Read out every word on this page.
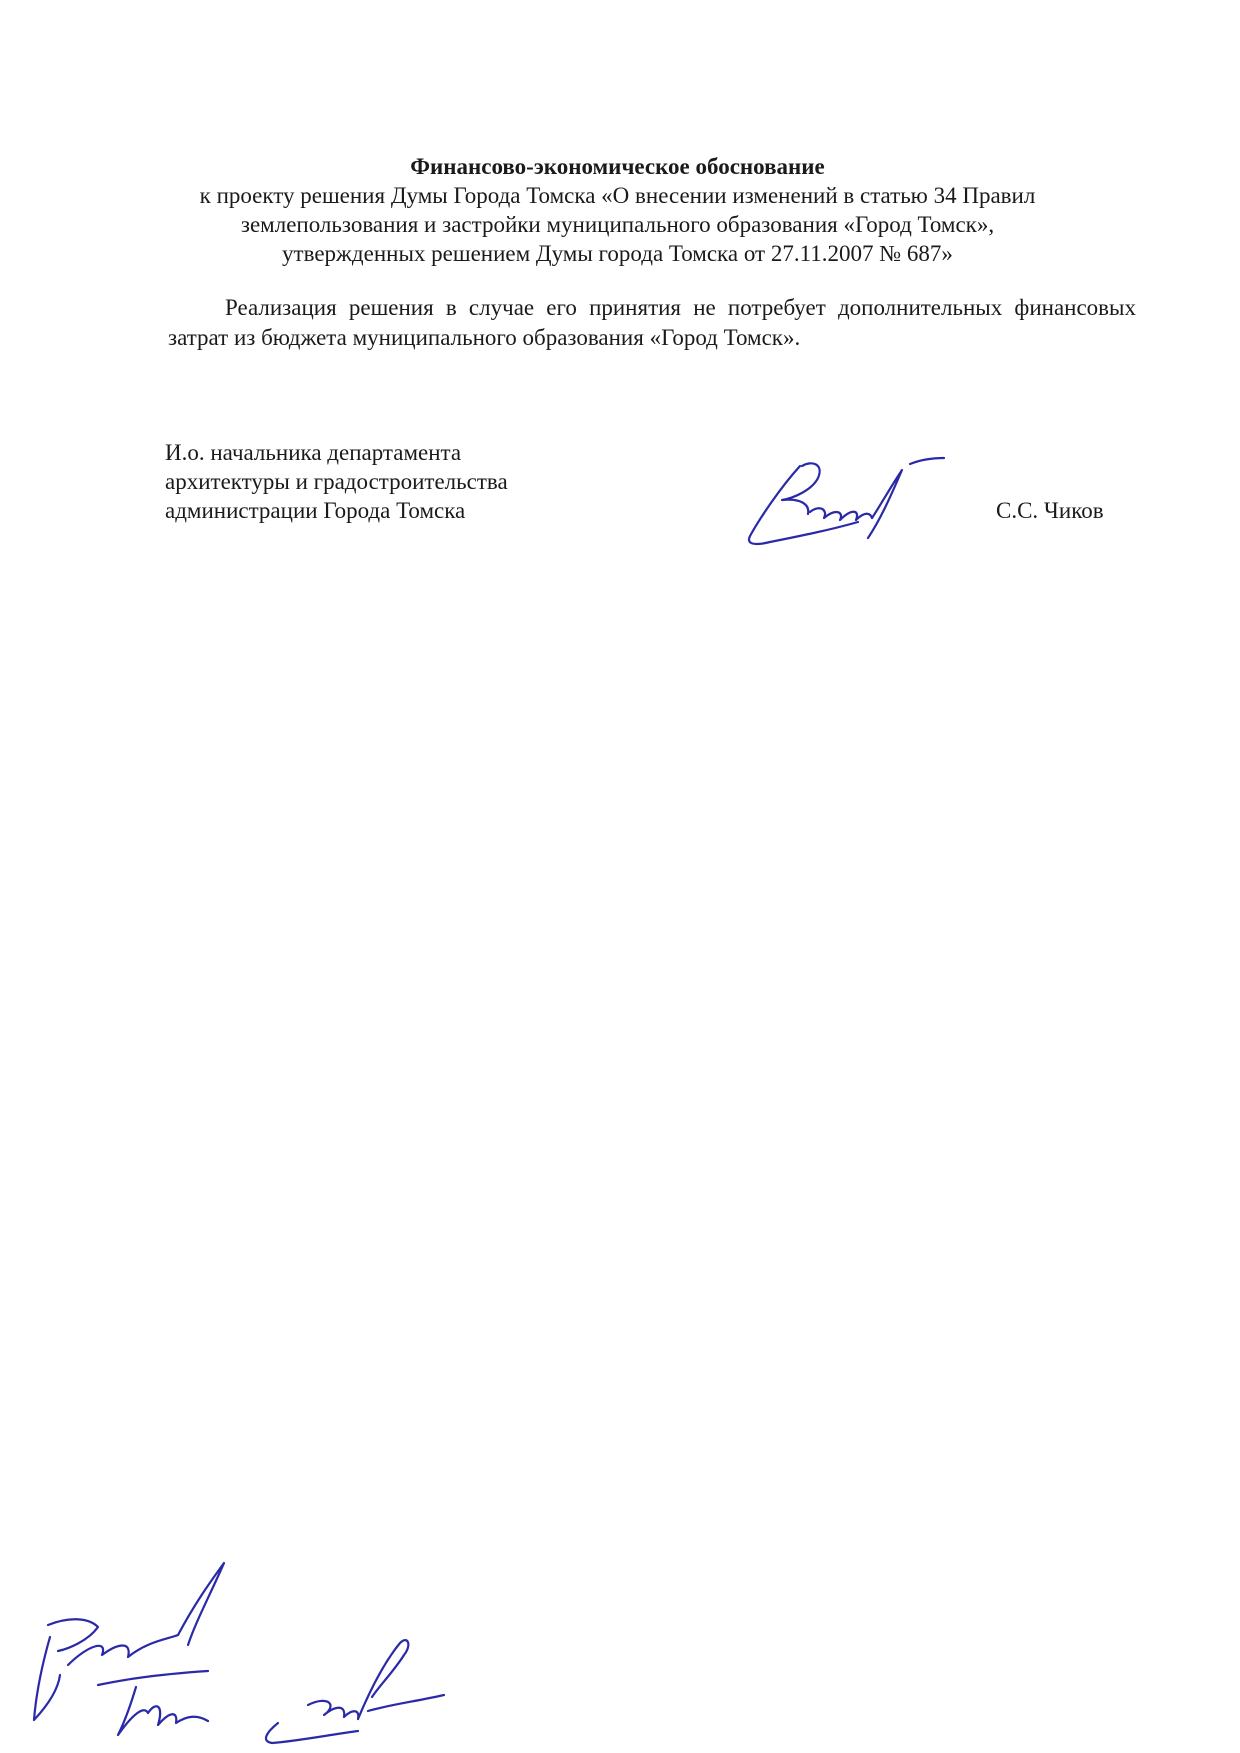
Финансово-экономическое обоснование
к проекту решения Думы Города Томска «О внесении изменений в статью 34 Правил
землепользования и застройки муниципального образования «Город Томск»,
утвержденных решением Думы города Томска от 27.11.2007 № 687»

Реализация решения в случае его принятия не потребует дополнительных финансовых затрат из бюджета муниципального образования «Город Томск».

И.о. начальника департамента
архитектуры и градостроительства
администрации Города Томска	С.С. Чиков
